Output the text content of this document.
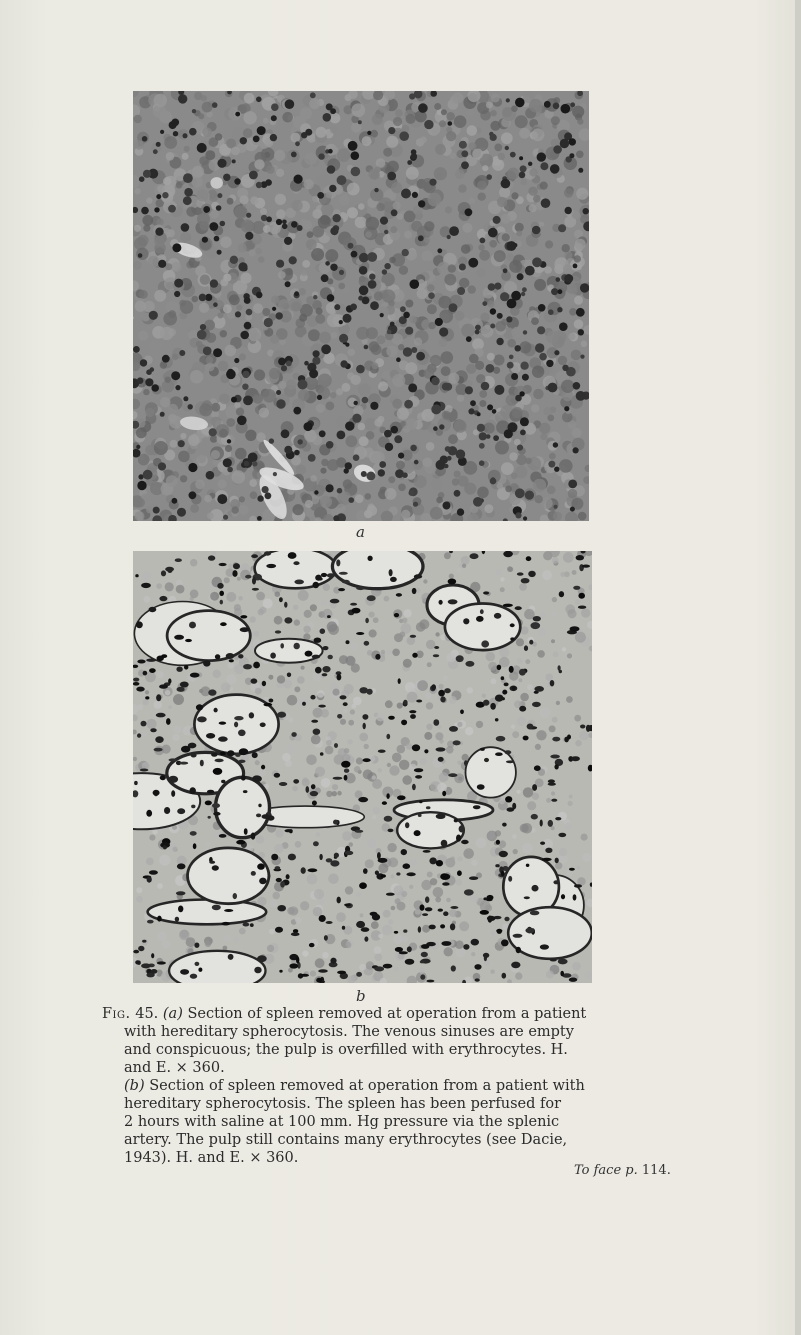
a
b
Fig. 45. (a) Section of spleen removed at operation from a patient
with hereditary spherocytosis. The venous sinuses are empty
and conspicuous; the pulp is overfilled with erythrocytes. H.
and E. × 360.
(b) Section of spleen removed at operation from a patient with
hereditary spherocytosis. The spleen has been perfused for
2 hours with saline at 100 mm. Hg pressure via the splenic
artery. The pulp still contains many erythrocytes (see Dacie,
1943). H. and E. × 360.
To face p. 114.
